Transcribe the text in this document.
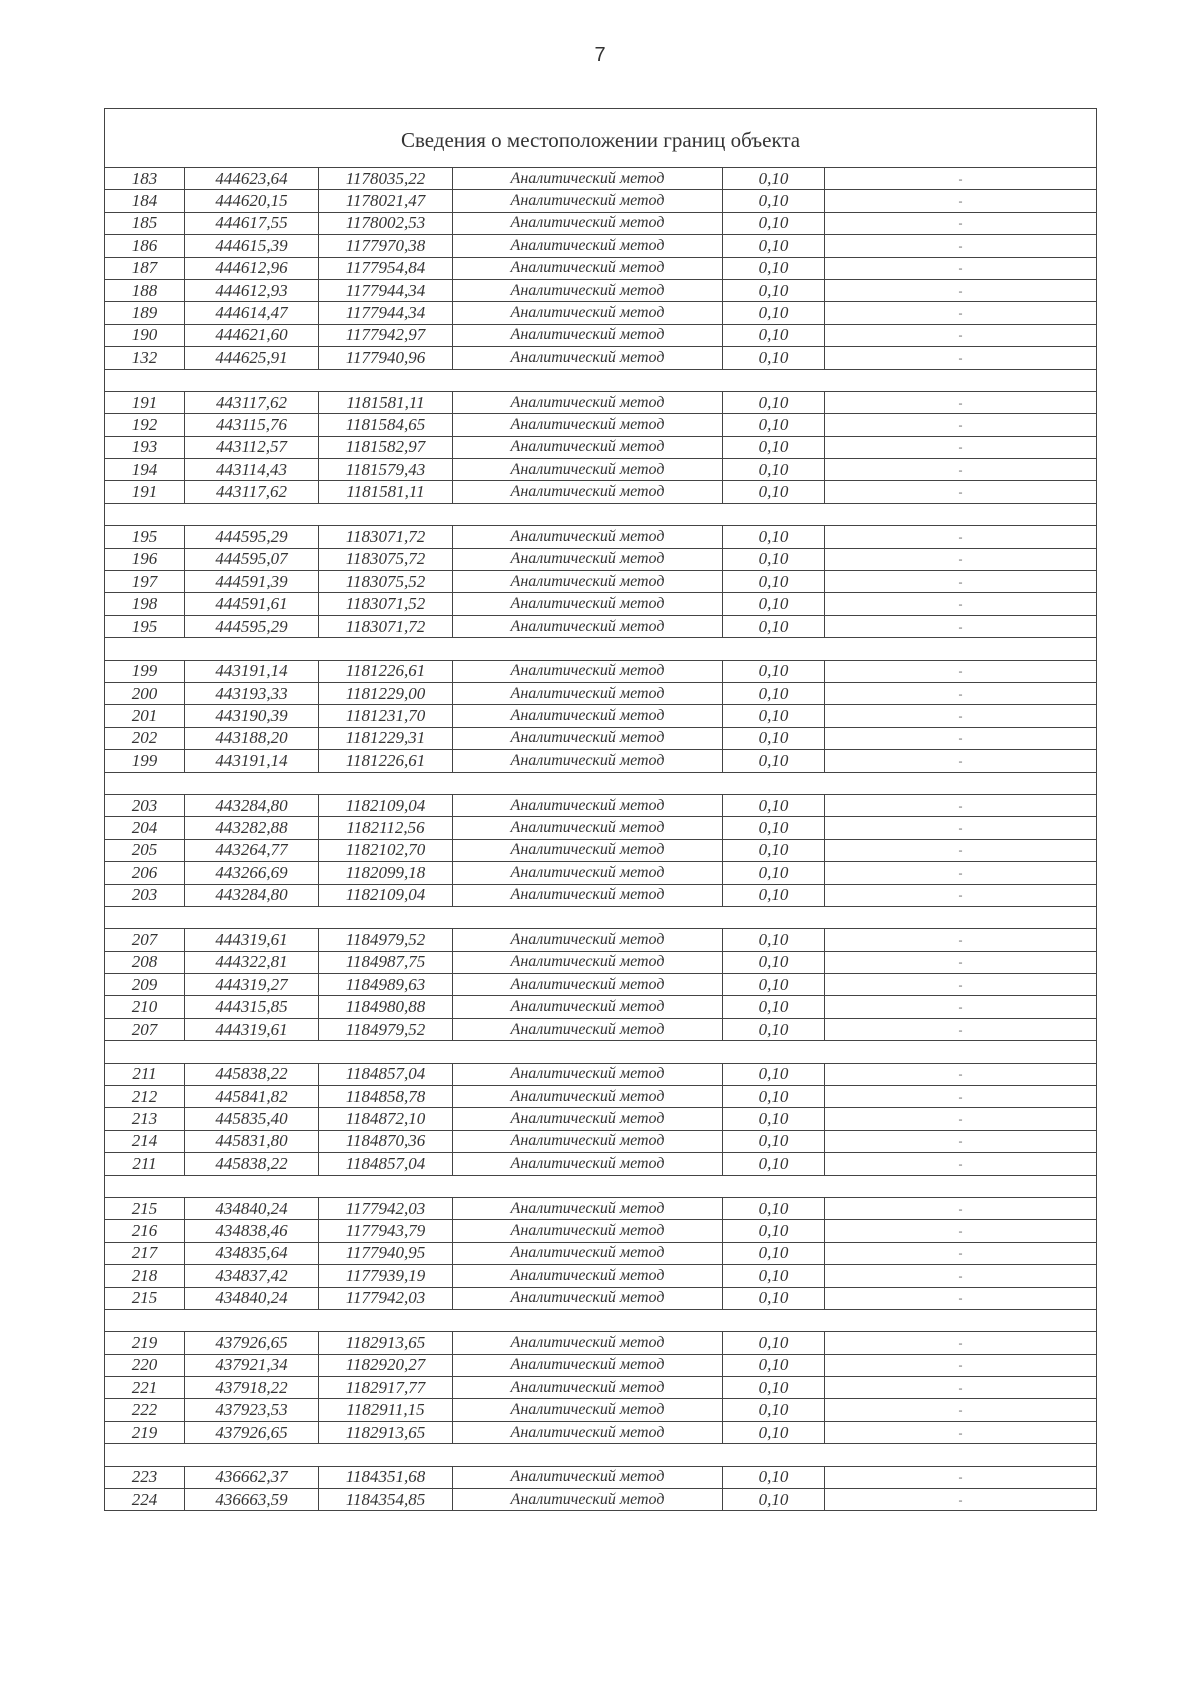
7
Сведения о местоположении границ объекта					
183	444623,64	1178035,22	Аналитический метод	0,10	-
184	444620,15	1178021,47	Аналитический метод	0,10	-
185	444617,55	1178002,53	Аналитический метод	0,10	-
186	444615,39	1177970,38	Аналитический метод	0,10	-
187	444612,96	1177954,84	Аналитический метод	0,10	-
188	444612,93	1177944,34	Аналитический метод	0,10	-
189	444614,47	1177944,34	Аналитический метод	0,10	-
190	444621,60	1177942,97	Аналитический метод	0,10	-
132	444625,91	1177940,96	Аналитический метод	0,10	-

191	443117,62	1181581,11	Аналитический метод	0,10	-
192	443115,76	1181584,65	Аналитический метод	0,10	-
193	443112,57	1181582,97	Аналитический метод	0,10	-
194	443114,43	1181579,43	Аналитический метод	0,10	-
191	443117,62	1181581,11	Аналитический метод	0,10	-

195	444595,29	1183071,72	Аналитический метод	0,10	-
196	444595,07	1183075,72	Аналитический метод	0,10	-
197	444591,39	1183075,52	Аналитический метод	0,10	-
198	444591,61	1183071,52	Аналитический метод	0,10	-
195	444595,29	1183071,72	Аналитический метод	0,10	-

199	443191,14	1181226,61	Аналитический метод	0,10	-
200	443193,33	1181229,00	Аналитический метод	0,10	-
201	443190,39	1181231,70	Аналитический метод	0,10	-
202	443188,20	1181229,31	Аналитический метод	0,10	-
199	443191,14	1181226,61	Аналитический метод	0,10	-

203	443284,80	1182109,04	Аналитический метод	0,10	-
204	443282,88	1182112,56	Аналитический метод	0,10	-
205	443264,77	1182102,70	Аналитический метод	0,10	-
206	443266,69	1182099,18	Аналитический метод	0,10	-
203	443284,80	1182109,04	Аналитический метод	0,10	-

207	444319,61	1184979,52	Аналитический метод	0,10	-
208	444322,81	1184987,75	Аналитический метод	0,10	-
209	444319,27	1184989,63	Аналитический метод	0,10	-
210	444315,85	1184980,88	Аналитический метод	0,10	-
207	444319,61	1184979,52	Аналитический метод	0,10	-

211	445838,22	1184857,04	Аналитический метод	0,10	-
212	445841,82	1184858,78	Аналитический метод	0,10	-
213	445835,40	1184872,10	Аналитический метод	0,10	-
214	445831,80	1184870,36	Аналитический метод	0,10	-
211	445838,22	1184857,04	Аналитический метод	0,10	-

215	434840,24	1177942,03	Аналитический метод	0,10	-
216	434838,46	1177943,79	Аналитический метод	0,10	-
217	434835,64	1177940,95	Аналитический метод	0,10	-
218	434837,42	1177939,19	Аналитический метод	0,10	-
215	434840,24	1177942,03	Аналитический метод	0,10	-

219	437926,65	1182913,65	Аналитический метод	0,10	-
220	437921,34	1182920,27	Аналитический метод	0,10	-
221	437918,22	1182917,77	Аналитический метод	0,10	-
222	437923,53	1182911,15	Аналитический метод	0,10	-
219	437926,65	1182913,65	Аналитический метод	0,10	-

223	436662,37	1184351,68	Аналитический метод	0,10	-
224	436663,59	1184354,85	Аналитический метод	0,10	-
